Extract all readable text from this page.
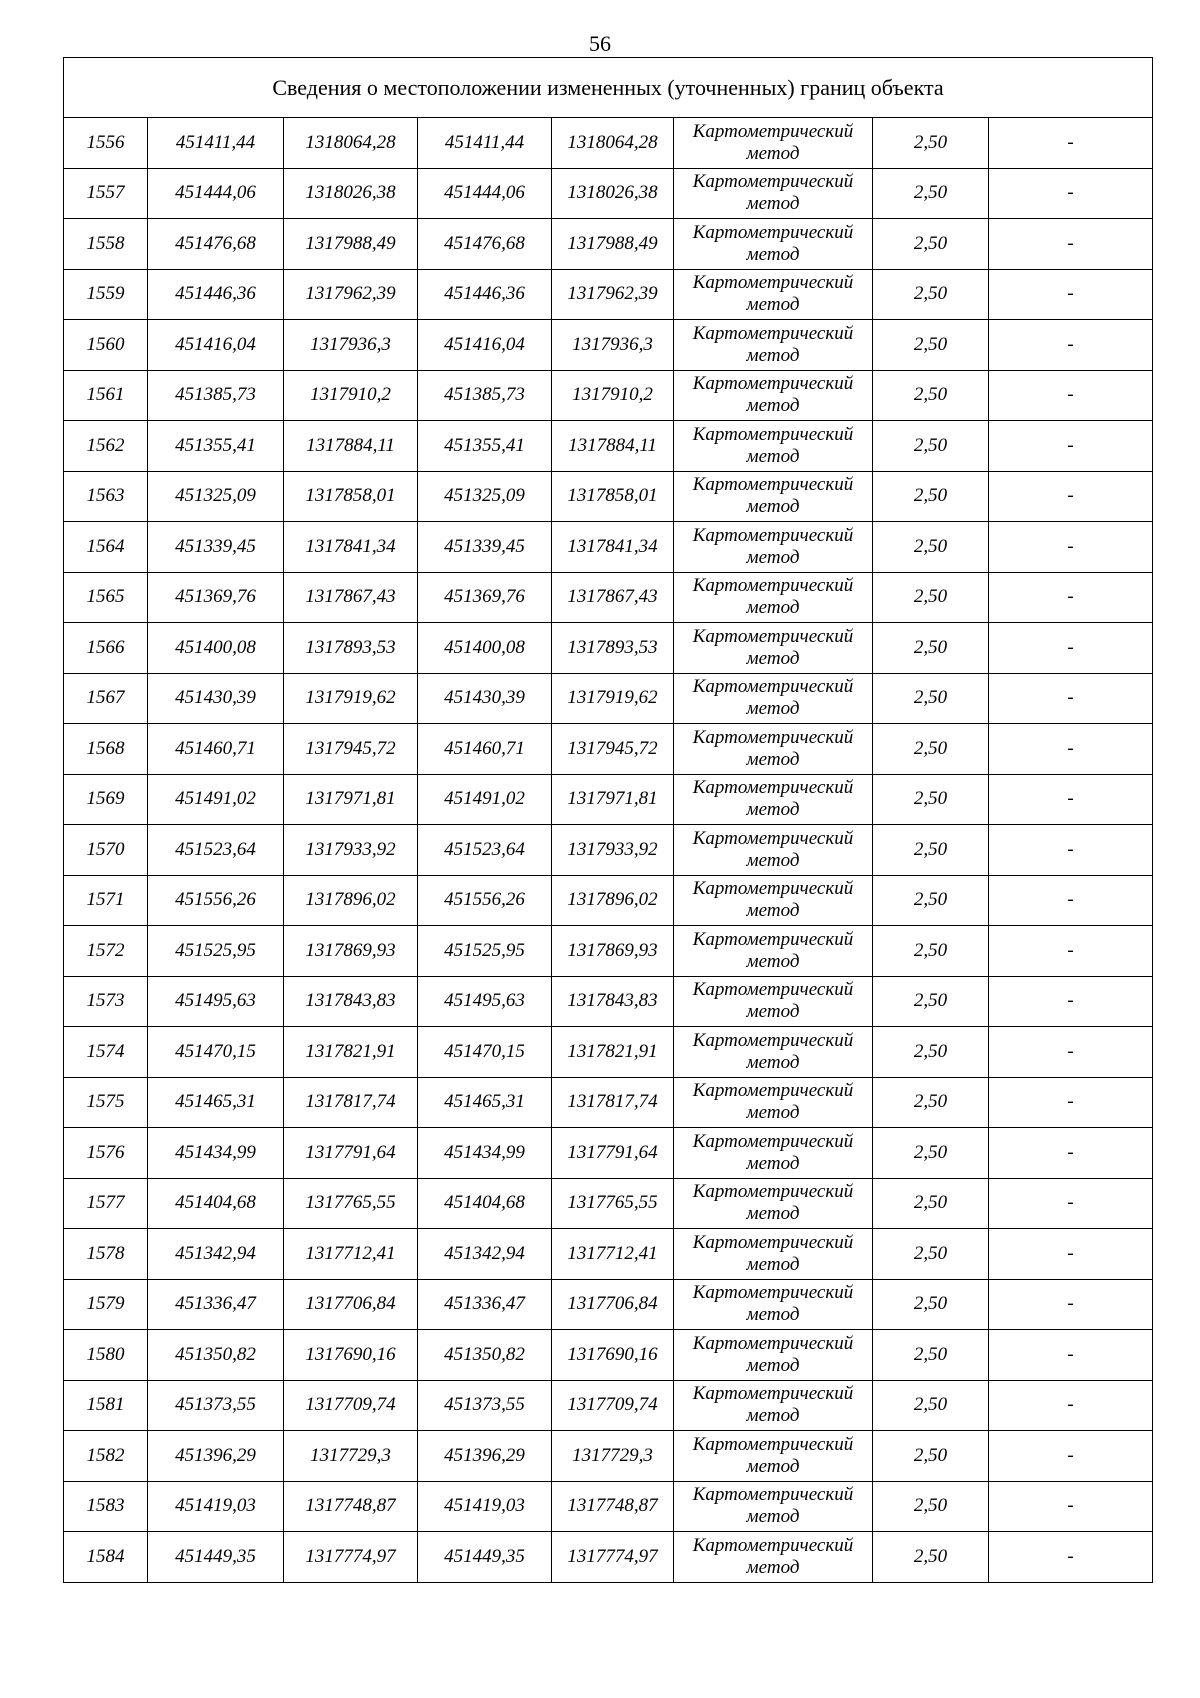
56
Сведения о местоположении измененных (уточненных) границ объекта							
1556	451411,44	1318064,28	451411,44	1318064,28	Картометрический
метод	2,50	-
1557	451444,06	1318026,38	451444,06	1318026,38	Картометрический
метод	2,50	-
1558	451476,68	1317988,49	451476,68	1317988,49	Картометрический
метод	2,50	-
1559	451446,36	1317962,39	451446,36	1317962,39	Картометрический
метод	2,50	-
1560	451416,04	1317936,3	451416,04	1317936,3	Картометрический
метод	2,50	-
1561	451385,73	1317910,2	451385,73	1317910,2	Картометрический
метод	2,50	-
1562	451355,41	1317884,11	451355,41	1317884,11	Картометрический
метод	2,50	-
1563	451325,09	1317858,01	451325,09	1317858,01	Картометрический
метод	2,50	-
1564	451339,45	1317841,34	451339,45	1317841,34	Картометрический
метод	2,50	-
1565	451369,76	1317867,43	451369,76	1317867,43	Картометрический
метод	2,50	-
1566	451400,08	1317893,53	451400,08	1317893,53	Картометрический
метод	2,50	-
1567	451430,39	1317919,62	451430,39	1317919,62	Картометрический
метод	2,50	-
1568	451460,71	1317945,72	451460,71	1317945,72	Картометрический
метод	2,50	-
1569	451491,02	1317971,81	451491,02	1317971,81	Картометрический
метод	2,50	-
1570	451523,64	1317933,92	451523,64	1317933,92	Картометрический
метод	2,50	-
1571	451556,26	1317896,02	451556,26	1317896,02	Картометрический
метод	2,50	-
1572	451525,95	1317869,93	451525,95	1317869,93	Картометрический
метод	2,50	-
1573	451495,63	1317843,83	451495,63	1317843,83	Картометрический
метод	2,50	-
1574	451470,15	1317821,91	451470,15	1317821,91	Картометрический
метод	2,50	-
1575	451465,31	1317817,74	451465,31	1317817,74	Картометрический
метод	2,50	-
1576	451434,99	1317791,64	451434,99	1317791,64	Картометрический
метод	2,50	-
1577	451404,68	1317765,55	451404,68	1317765,55	Картометрический
метод	2,50	-
1578	451342,94	1317712,41	451342,94	1317712,41	Картометрический
метод	2,50	-
1579	451336,47	1317706,84	451336,47	1317706,84	Картометрический
метод	2,50	-
1580	451350,82	1317690,16	451350,82	1317690,16	Картометрический
метод	2,50	-
1581	451373,55	1317709,74	451373,55	1317709,74	Картометрический
метод	2,50	-
1582	451396,29	1317729,3	451396,29	1317729,3	Картометрический
метод	2,50	-
1583	451419,03	1317748,87	451419,03	1317748,87	Картометрический
метод	2,50	-
1584	451449,35	1317774,97	451449,35	1317774,97	Картометрический
метод	2,50	-
